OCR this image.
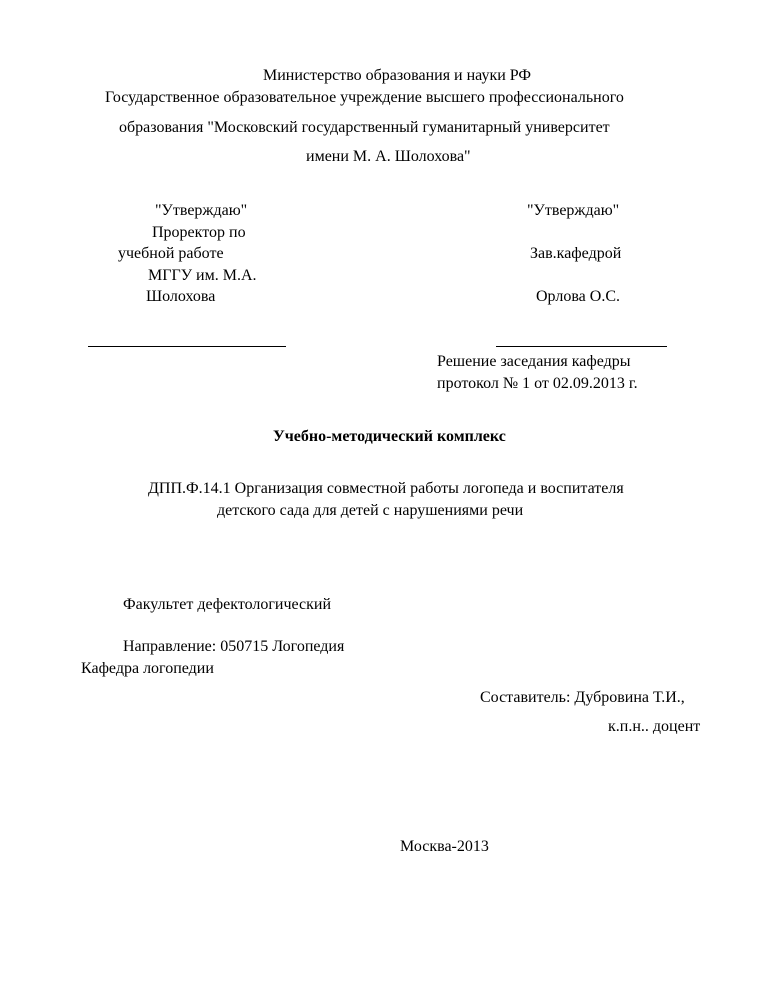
Министерство образования и науки РФ
Государственное образовательное учреждение высшего профессионального
образования "Московский государственный гуманитарный университет
имени М. А. Шолохова"
"Утверждаю"
Проректор по
учебной работе
МГГУ им. М.А.
Шолохова
"Утверждаю"
Зав.кафедрой
Орлова О.С.
Решение заседания кафедры
протокол № 1 от 02.09.2013 г.
Учебно-методический комплекс
ДПП.Ф.14.1 Организация совместной работы логопеда и воспитателя
детского сада для детей с нарушениями речи
Факультет дефектологический
Направление: 050715 Логопедия
Кафедра логопедии
Составитель: Дубровина Т.И.,
к.п.н.. доцент
Москва-2013
